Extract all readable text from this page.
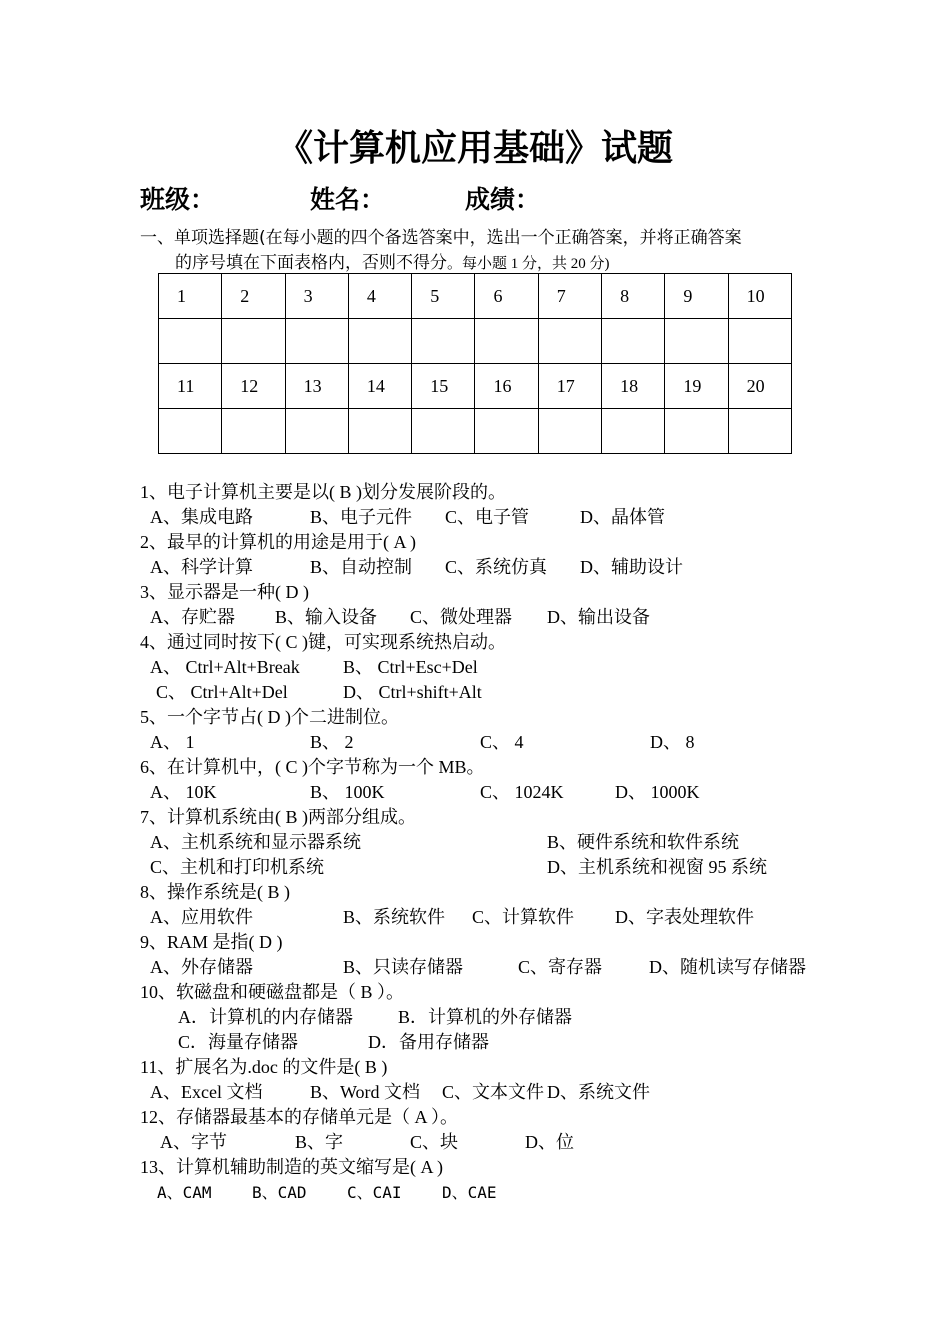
《计算机应用基础》试题
班级：	姓名：	成绩：
一、单项选择题(在每小题的四个备选答案中，选出一个正确答案，并将正确答案
的序号填在下面表格内，否则不得分。每小题 1 分，共 20 分)
1	2	3	4	5	6	7	8	9	10

11	12	13	14	15	16	17	18	19	20

1、电子计算机主要是以( B )划分发展阶段的。
A、集成电路	B、电子元件 C、电子管	D、晶体管
2、最早的计算机的用途是用于( A )
A、科学计算	B、自动控制 C、系统仿真 D、辅助设计
3、显示器是一种( D )
A、存贮器 B、输入设备 C、微处理器 D、输出设备
4、通过同时按下( C )键，可实现系统热启动。
A、 Ctrl+Alt+Break B、 Ctrl+Esc+Del
C、 Ctrl+Alt+Del	D、 Ctrl+shift+Alt
5、一个字节占( D )个二进制位。
A、 1	B、 2	C、 4	D、 8
6、在计算机中，( C )个字节称为一个 MB。
A、 10K	B、 100K	C、 1024K	D、 1000K
7、计算机系统由( B )两部分组成。
A、主机系统和显示器系统	B、硬件系统和软件系统
C、主机和打印机系统	D、主机系统和视窗 95 系统
8、操作系统是( B )
A、应用软件	B、系统软件 C、计算软件 D、字表处理软件
9、RAM 是指( D )
A、外存储器	B、只读存储器	C、寄存器	D、随机读写存储器
10、软磁盘和硬磁盘都是（ B ）。
A．计算机的内存储器	B．计算机的外存储器
C．海量存储器	D．备用存储器
11、扩展名为.doc 的文件是( B )
A、Excel 文档	B、Word 文档 C、文本文件 D、系统文件
12、存储器最基本的存储单元是（ A ）。
A、字节	B、字	C、块	D、位
13、计算机辅助制造的英文缩写是( A )
A、CAM	B、CAD	C、CAI	D、CAE
